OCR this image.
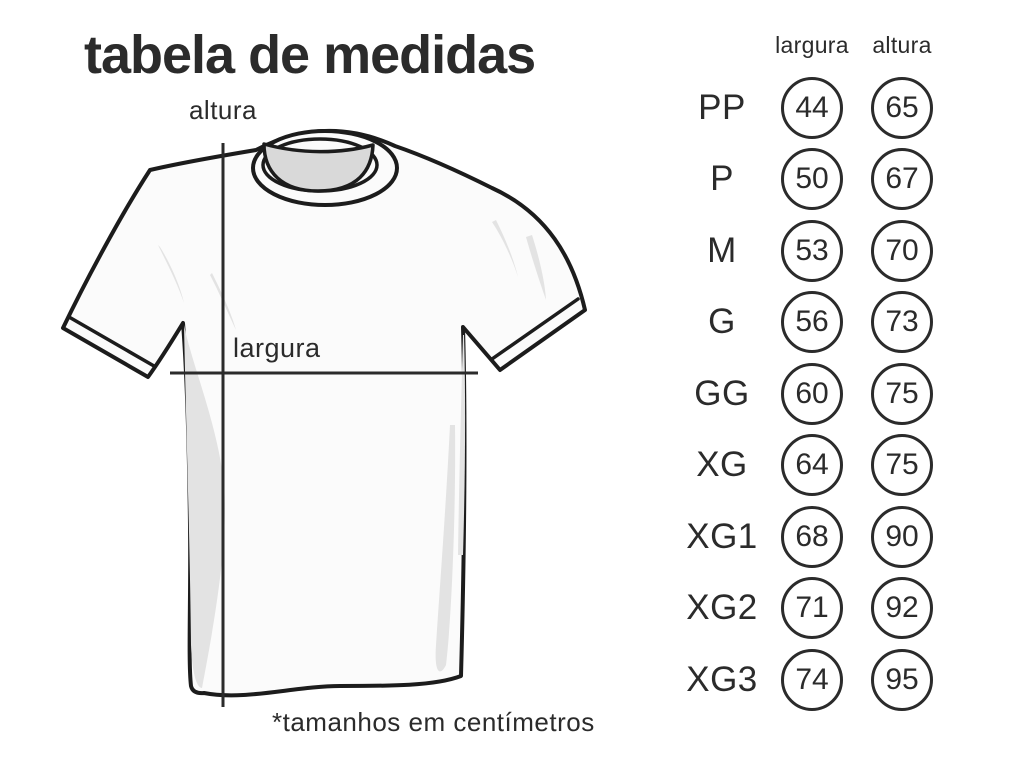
tabela de medidas
altura
largura
*tamanhos em centímetros
largura altura
PP 44 65
P 50 67
M 53 70
G 56 73
GG 60 75
XG 64 75
XG1 68 90
XG2 71 92
XG3 74 95
